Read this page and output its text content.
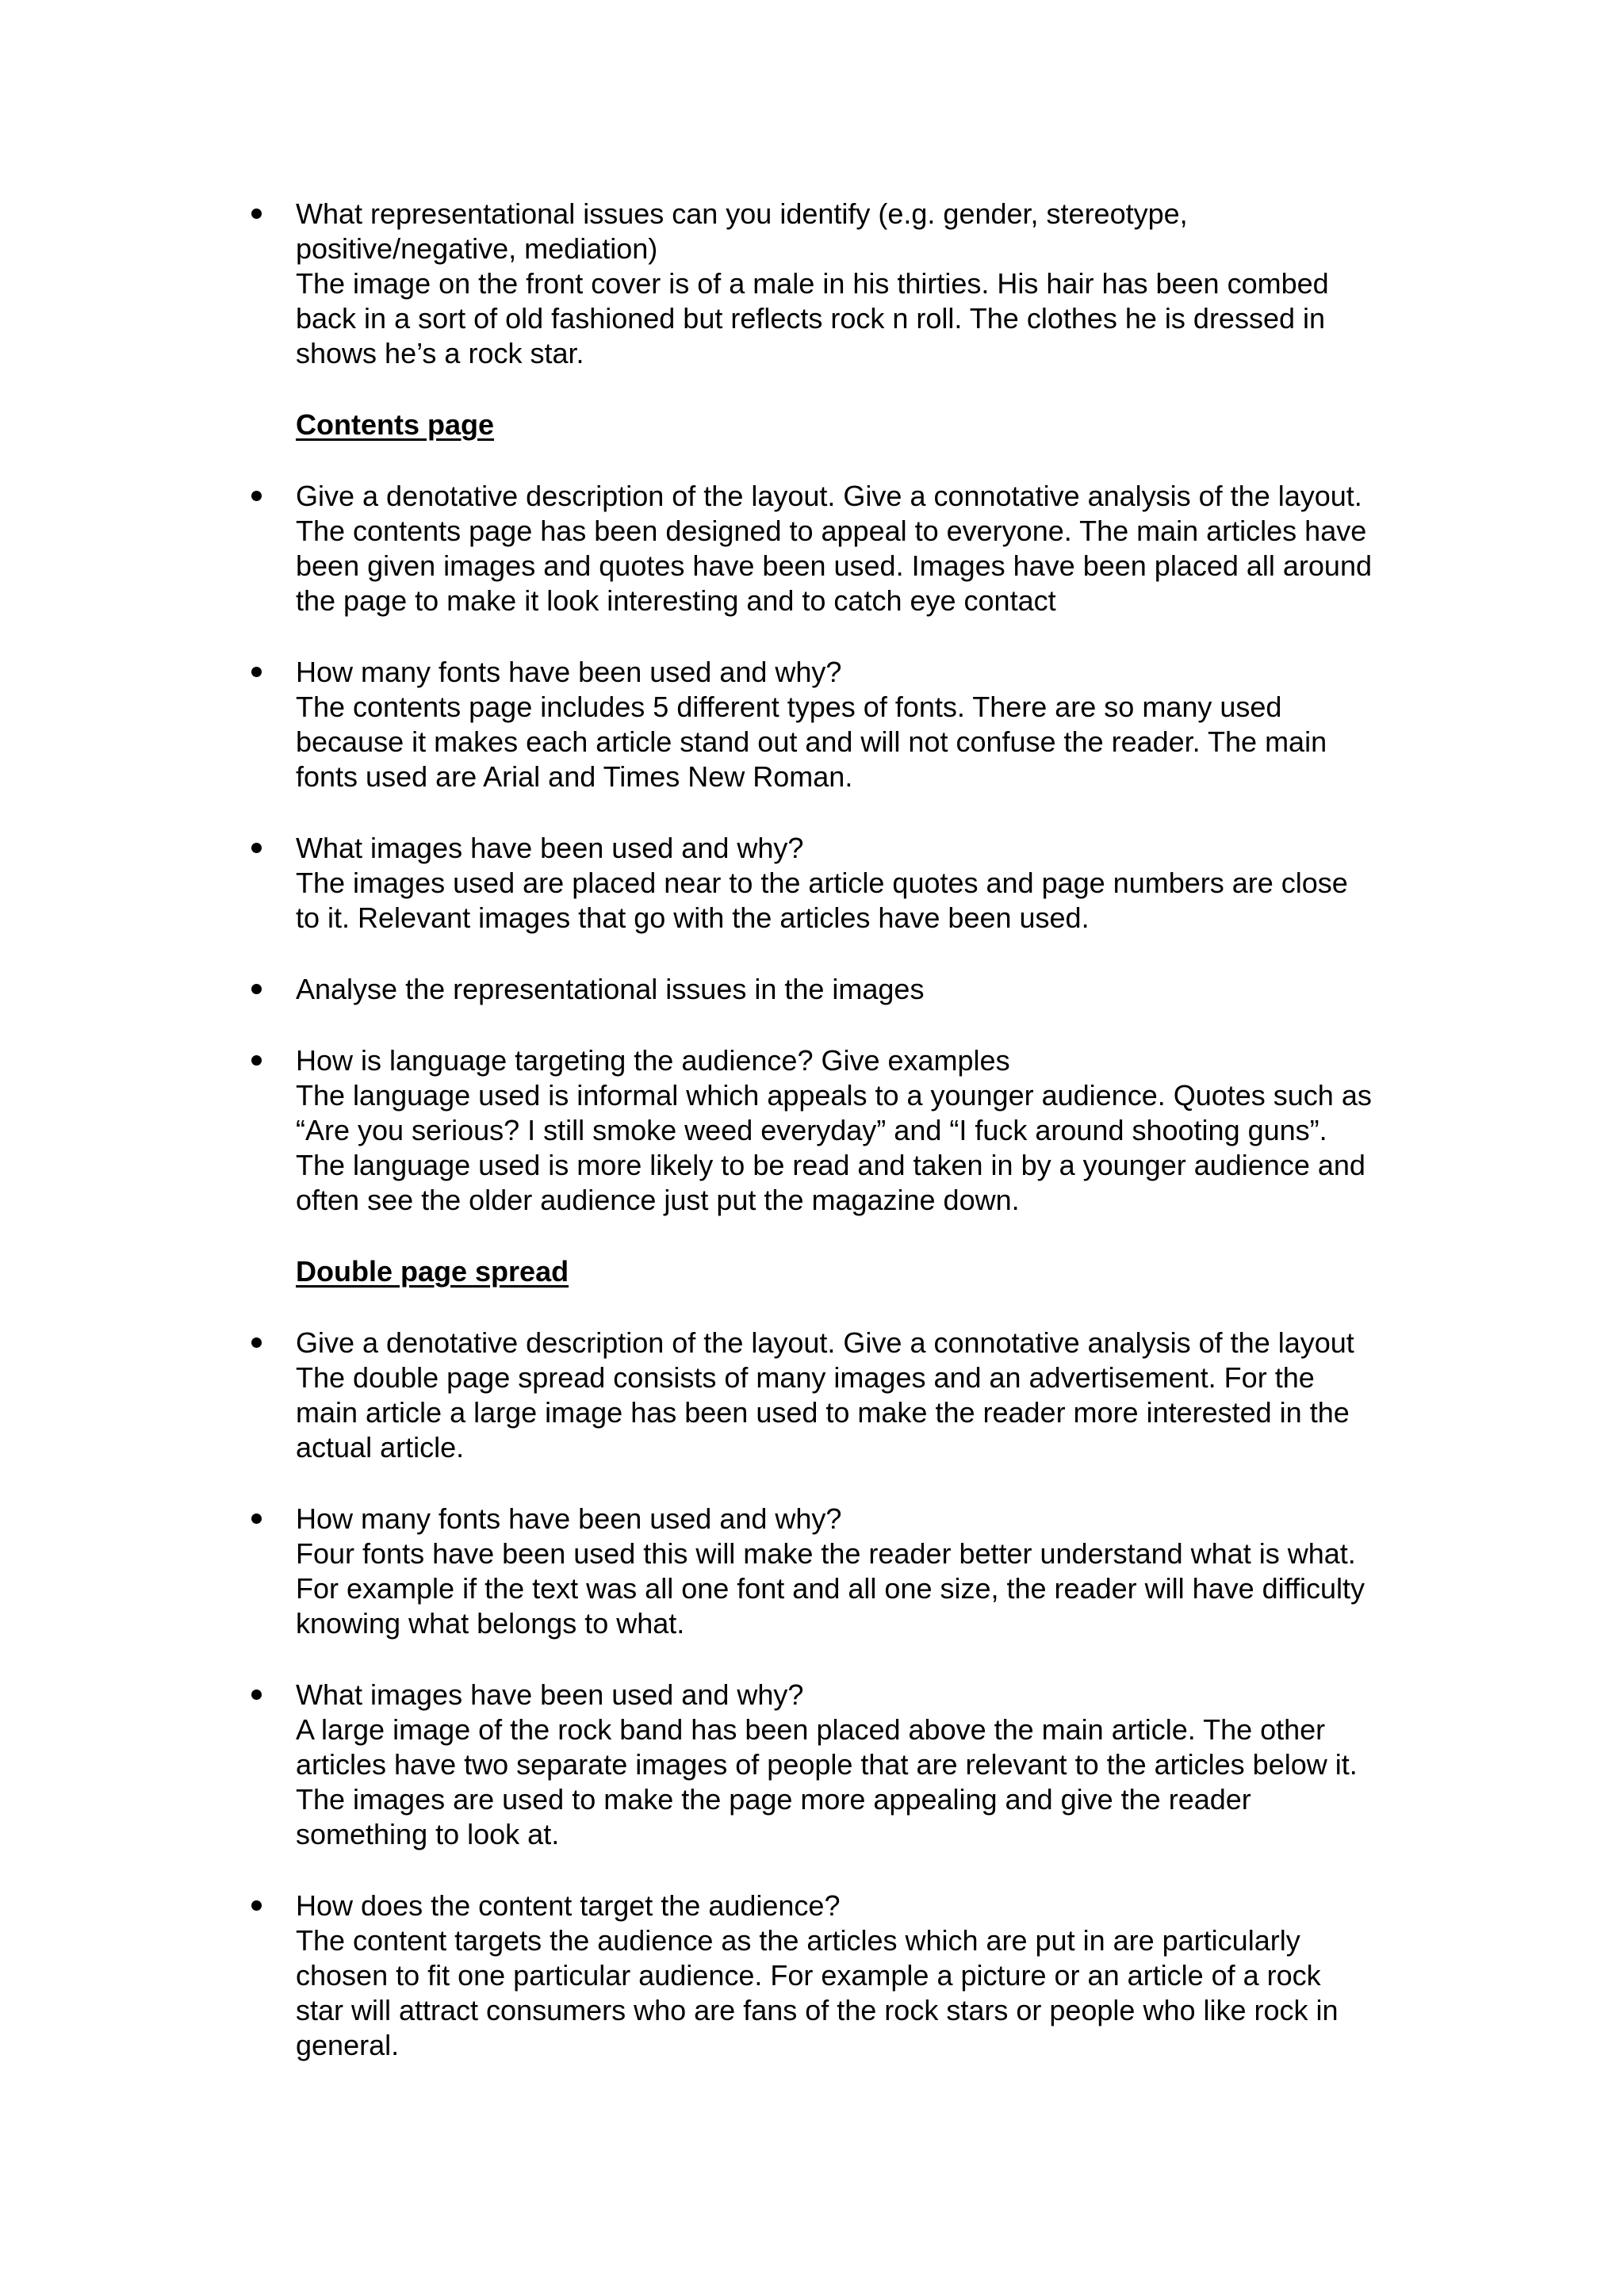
What representational issues can you identify (e.g. gender, stereotype,
positive/negative, mediation)
The image on the front cover is of a male in his thirties. His hair has been combed
back in a sort of old fashioned but reflects rock n roll. The clothes he is dressed in
shows he’s a rock star.
Contents page
Give a denotative description of the layout. Give a connotative analysis of the layout.
The contents page has been designed to appeal to everyone. The main articles have
been given images and quotes have been used. Images have been placed all around
the page to make it look interesting and to catch eye contact
How many fonts have been used and why?
The contents page includes 5 different types of fonts. There are so many used
because it makes each article stand out and will not confuse the reader. The main
fonts used are Arial and Times New Roman.
What images have been used and why?
The images used are placed near to the article quotes and page numbers are close
to it. Relevant images that go with the articles have been used.
Analyse the representational issues in the images
How is language targeting the audience? Give examples
The language used is informal which appeals to a younger audience. Quotes such as
“Are you serious? I still smoke weed everyday” and “I fuck around shooting guns”.
The language used is more likely to be read and taken in by a younger audience and
often see the older audience just put the magazine down.
Double page spread
Give a denotative description of the layout. Give a connotative analysis of the layout
The double page spread consists of many images and an advertisement. For the
main article a large image has been used to make the reader more interested in the
actual article.
How many fonts have been used and why?
Four fonts have been used this will make the reader better understand what is what.
For example if the text was all one font and all one size, the reader will have difficulty
knowing what belongs to what.
What images have been used and why?
A large image of the rock band has been placed above the main article. The other
articles have two separate images of people that are relevant to the articles below it.
The images are used to make the page more appealing and give the reader
something to look at.
How does the content target the audience?
The content targets the audience as the articles which are put in are particularly
chosen to fit one particular audience. For example a picture or an article of a rock
star will attract consumers who are fans of the rock stars or people who like rock in
general.
